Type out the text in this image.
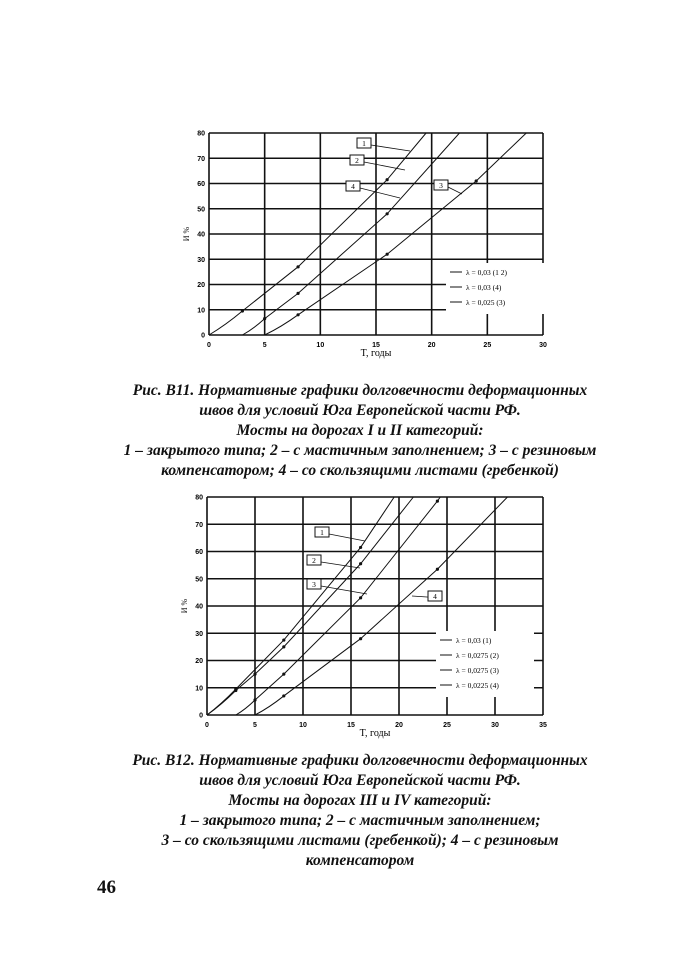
0	5	10	15	20	25	30
0
10
20
30
40
50
60
70
80
T, годы
И %
λ = 0,03 (1 2)
λ = 0,03 (4)
λ = 0,025 (3)
1
2
4	3
0	5	10	15	20	25	30	35
0
10
20
30
40
50
60
70
80
T, годы
И %
λ = 0,03 (1)
λ = 0,0275 (2)
λ = 0,0275 (3)
λ = 0,0225 (4)
1
2
3
4
Рис. В11. Нормативные графики долговечности деформационных
швов для условий Юга Европейской части РФ.
Мосты на дорогах I и II категорий:
1 – закрытого типа; 2 – с мастичным заполнением; 3 – с резиновым
компенсатором; 4 – со скользящими листами (гребенкой)
Рис. В12. Нормативные графики долговечности деформационных
швов для условий Юга Европейской части РФ.
Мосты на дорогах III и IV категорий:
1 – закрытого типа; 2 – с мастичным заполнением;
3 – со скользящими листами (гребенкой); 4 – с резиновым
компенсатором
46
